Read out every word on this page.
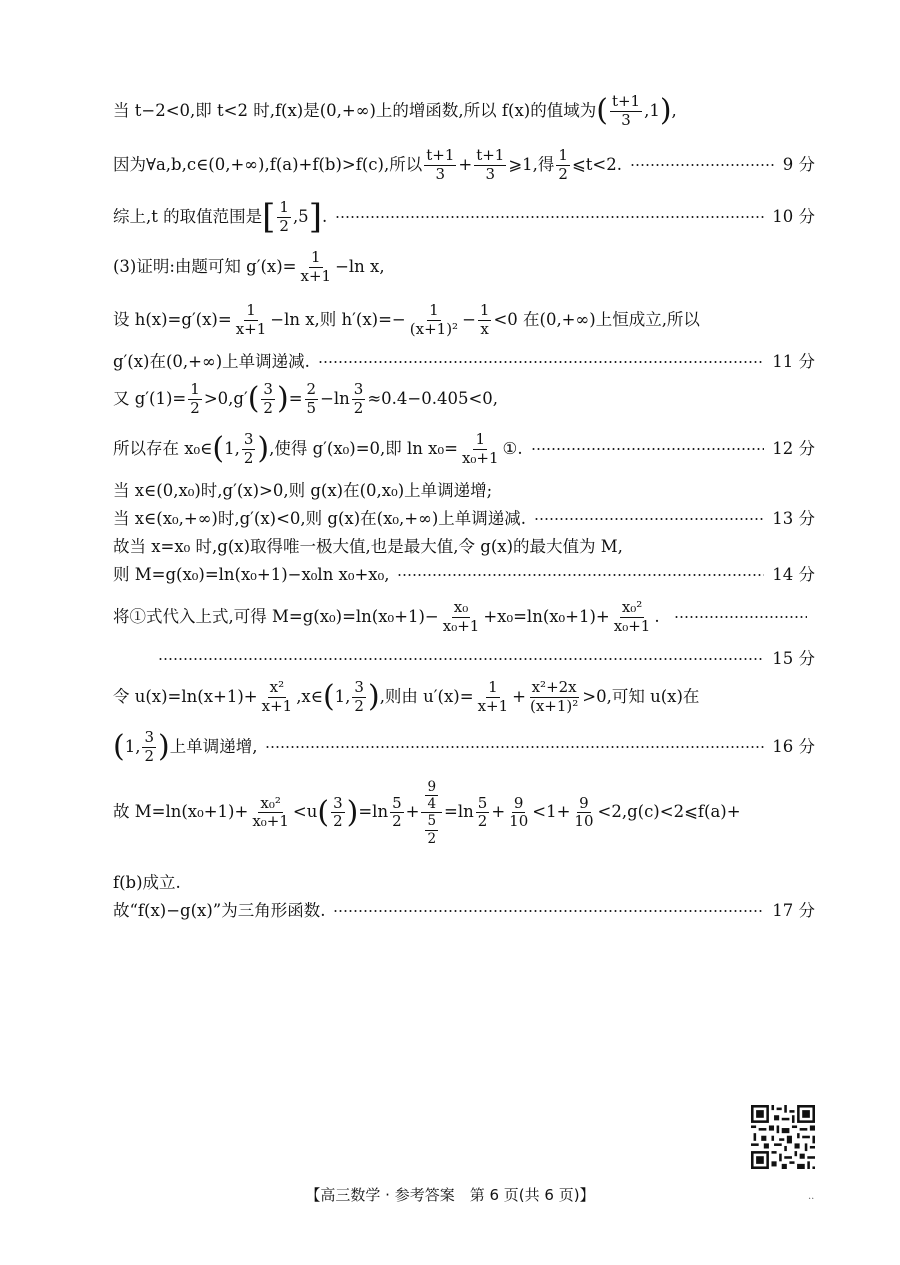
当 t−2<0,即 t<2 时,f(x)是(0,+∞)上的增函数,所以 f(x)的值域为 ( $\frac{t+1}{3} ,1$ ) ,
因为∀a,b,c∈(0,+∞),f(a)+f(b)>f(c),所以 $\frac{t+1}{3} + \frac{t+1}{3}$ ⩾1,得 $\frac{1}{2}$ ⩽t<2.	9 分
综上,t 的取值范围是 [ $\frac{1}{2} ,5$ ] .	10 分
(3)证明:由题可知 $g'(x)= \frac{1}{x+1} -\ln$ x,
设 $h(x)=g'(x)= \frac{1}{x+1} -\ln$ x,则 $h'(x)=- \frac{1}{\text{(x+1)²}} - \frac{1}{x} <0$ 在(0,+∞)上恒成立,所以
g′(x)在(0,+∞)上单调递减.	11 分
又 $g'(1)= \frac{1}{2} >0,g'$ ( $\frac{3}{2}$ ) = $\frac{2}{5} -\ln \frac{3}{2} \approx 0.4-0.405<0$,
所以存在 x₀∈ ( 1, $\frac{3}{2}$ ) ,使得 g′(x₀)=0,即 $\ln x_0= \frac{1}{\text{x₀+1}}$ ①.	12 分
当 x∈(0,x₀)时,g′(x)>0,则 g(x)在(0,x₀)上单调递增;
当 x∈(x₀,+∞)时,g′(x)<0,则 g(x)在(x₀,+∞)上单调递减.	13 分
故当 x=x₀ 时,g(x)取得唯一极大值,也是最大值,令 g(x)的最大值为 M,
则 M=g(x₀)=ln(x₀+1)−x₀ln x₀+x₀,	14 分
将①式代入上式,可得 $M=g(x_0)=\ln(x_0+1)- \frac{\text{x₀}}{\text{x₀+1}} +x_0=\ln(x_0+1)+ \frac{\text{x₀²}}{\text{x₀+1}}$ .
15 分
令 $u(x)=\ln(x+1)+ \frac{\text{x²}}{x+1}$ ,x∈ ( 1, $\frac{3}{2}$ ) ,则由 $u'(x)= \frac{1}{x+1} + \frac{\text{x²+2x}}{\text{(x+1)²}} >0$,可知 u(x)在
( 1, $\frac{3}{2}$ ) 上单调递增,	16 分
故 $M=\ln(x_0+1)+ \frac{\text{x₀²}}{\text{x₀+1}} <u$ ( $\frac{3}{2}$ ) $=\ln \frac{5}{2} + \frac{\frac{9}{4}}{\frac{5}{2}} =\ln \frac{5}{2} + \frac{9}{10} <1+ \frac{9}{10}$ <2,g(c)<2⩽f(a)+
f(b)成立.
故“f(x)−g(x)”为三角形函数.	17 分
【高三数学 · 参考答案　第 6 页(共 6 页)】	..
